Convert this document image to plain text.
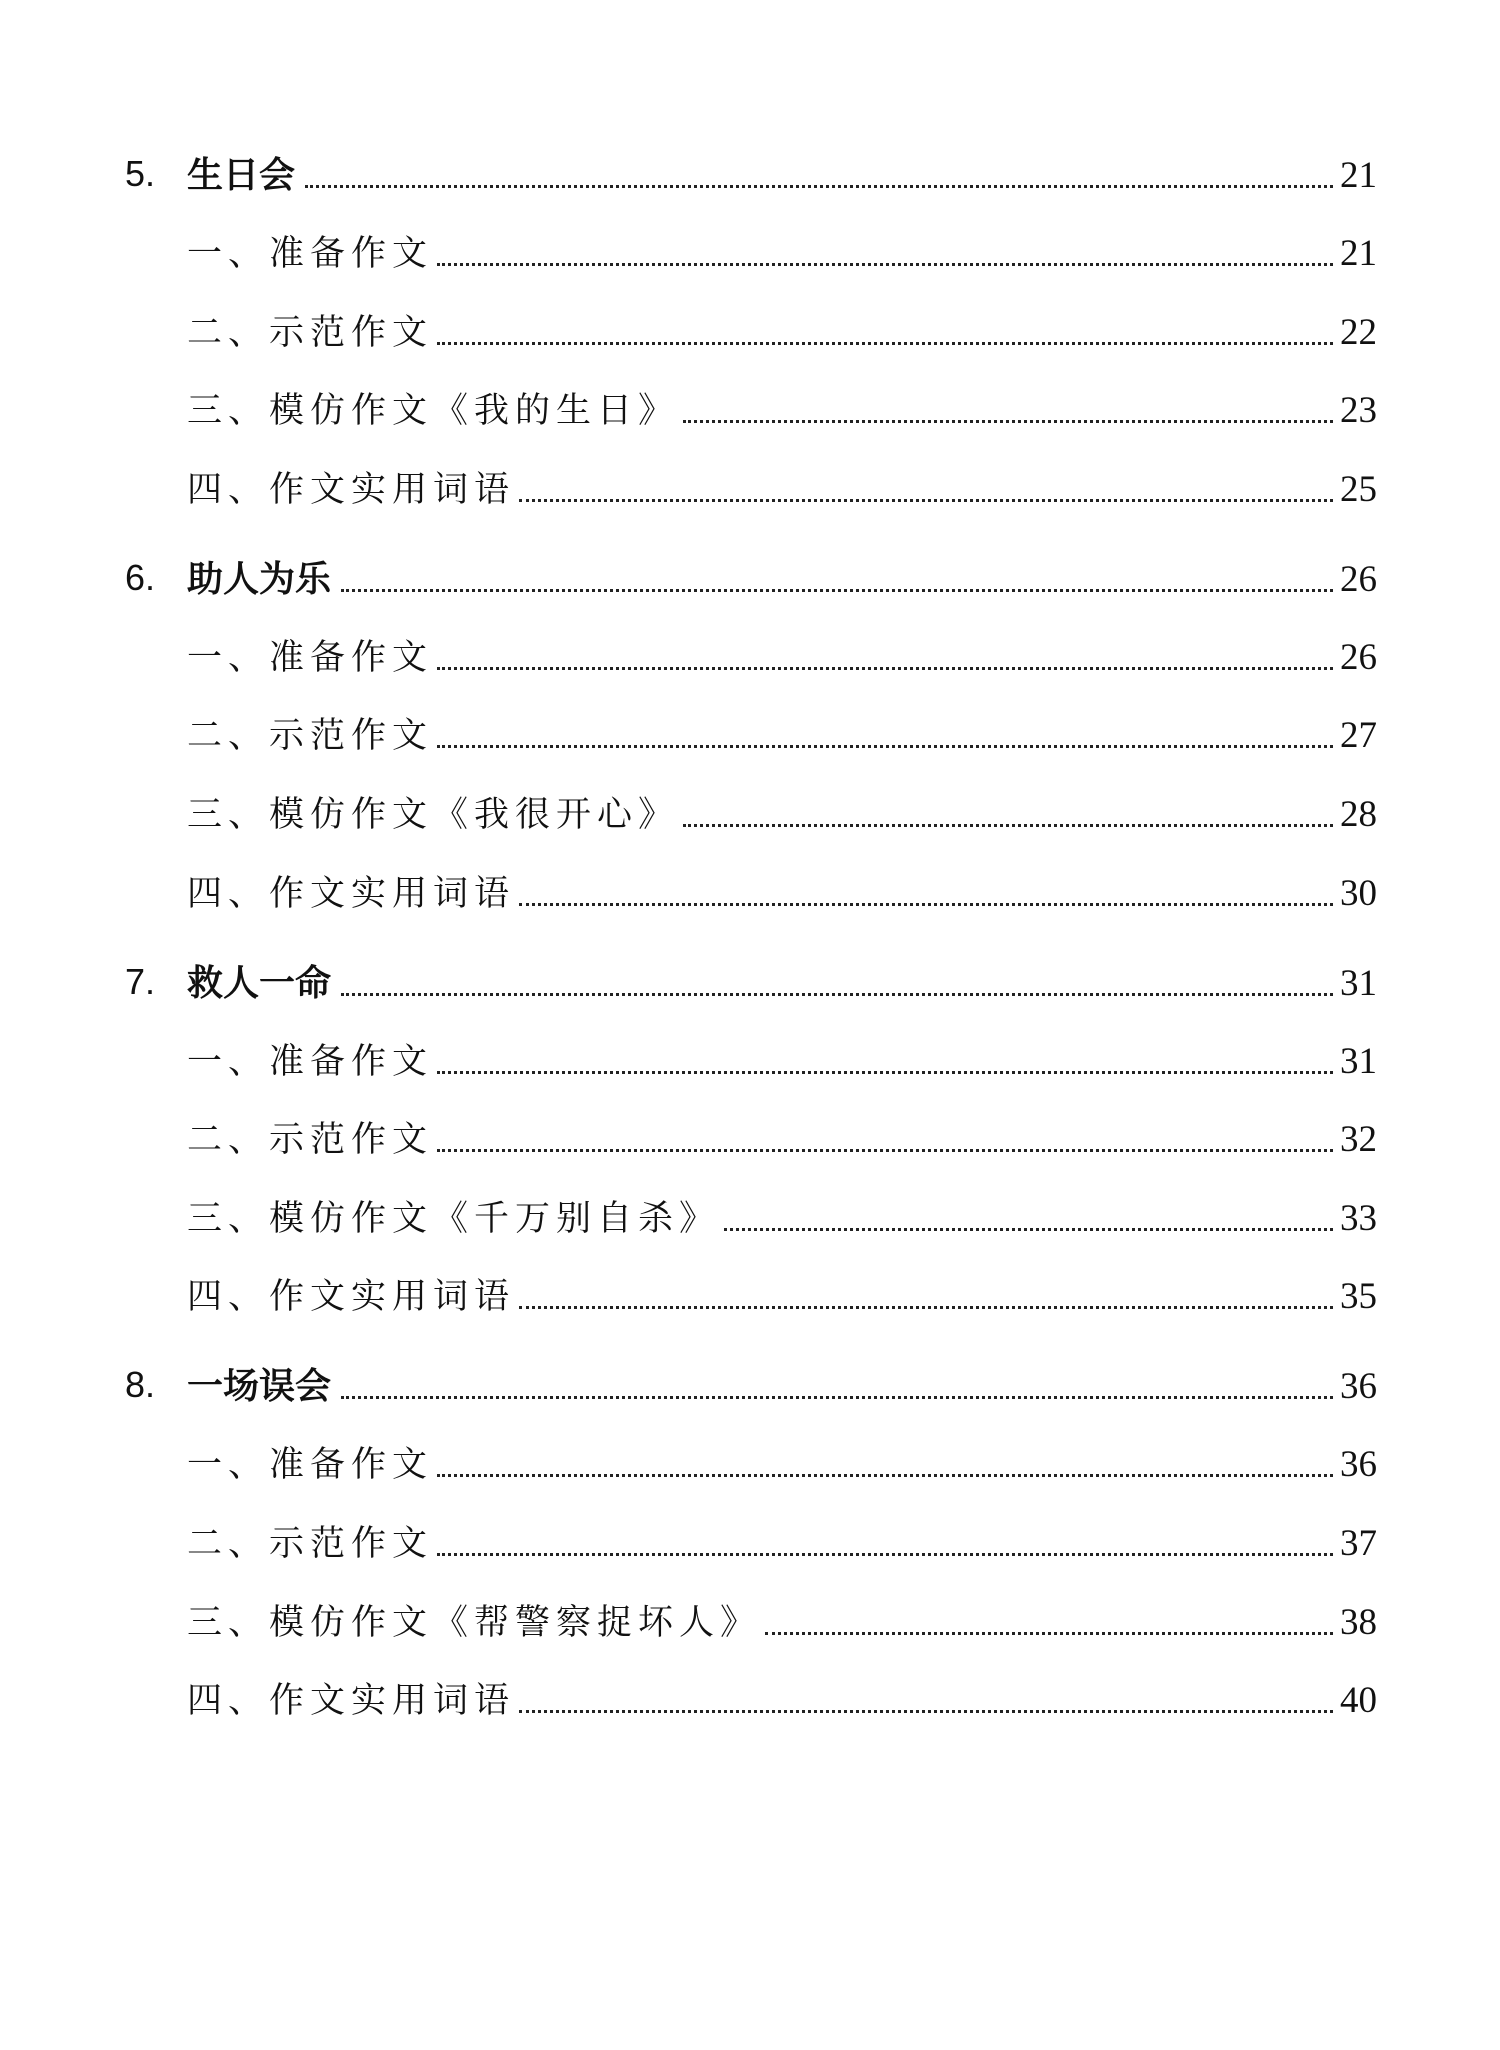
5. 生日会	21
一、准备作文	21
二、示范作文	22
三、模仿作文《我的生日》	23
四、作文实用词语	25
6. 助人为乐	26
一、准备作文	26
二、示范作文	27
三、模仿作文《我很开心》	28
四、作文实用词语	30
7. 救人一命	31
一、准备作文	31
二、示范作文	32
三、模仿作文《千万别自杀》	33
四、作文实用词语	35
8. 一场误会	36
一、准备作文	36
二、示范作文	37
三、模仿作文《帮警察捉坏人》	38
四、作文实用词语	40
